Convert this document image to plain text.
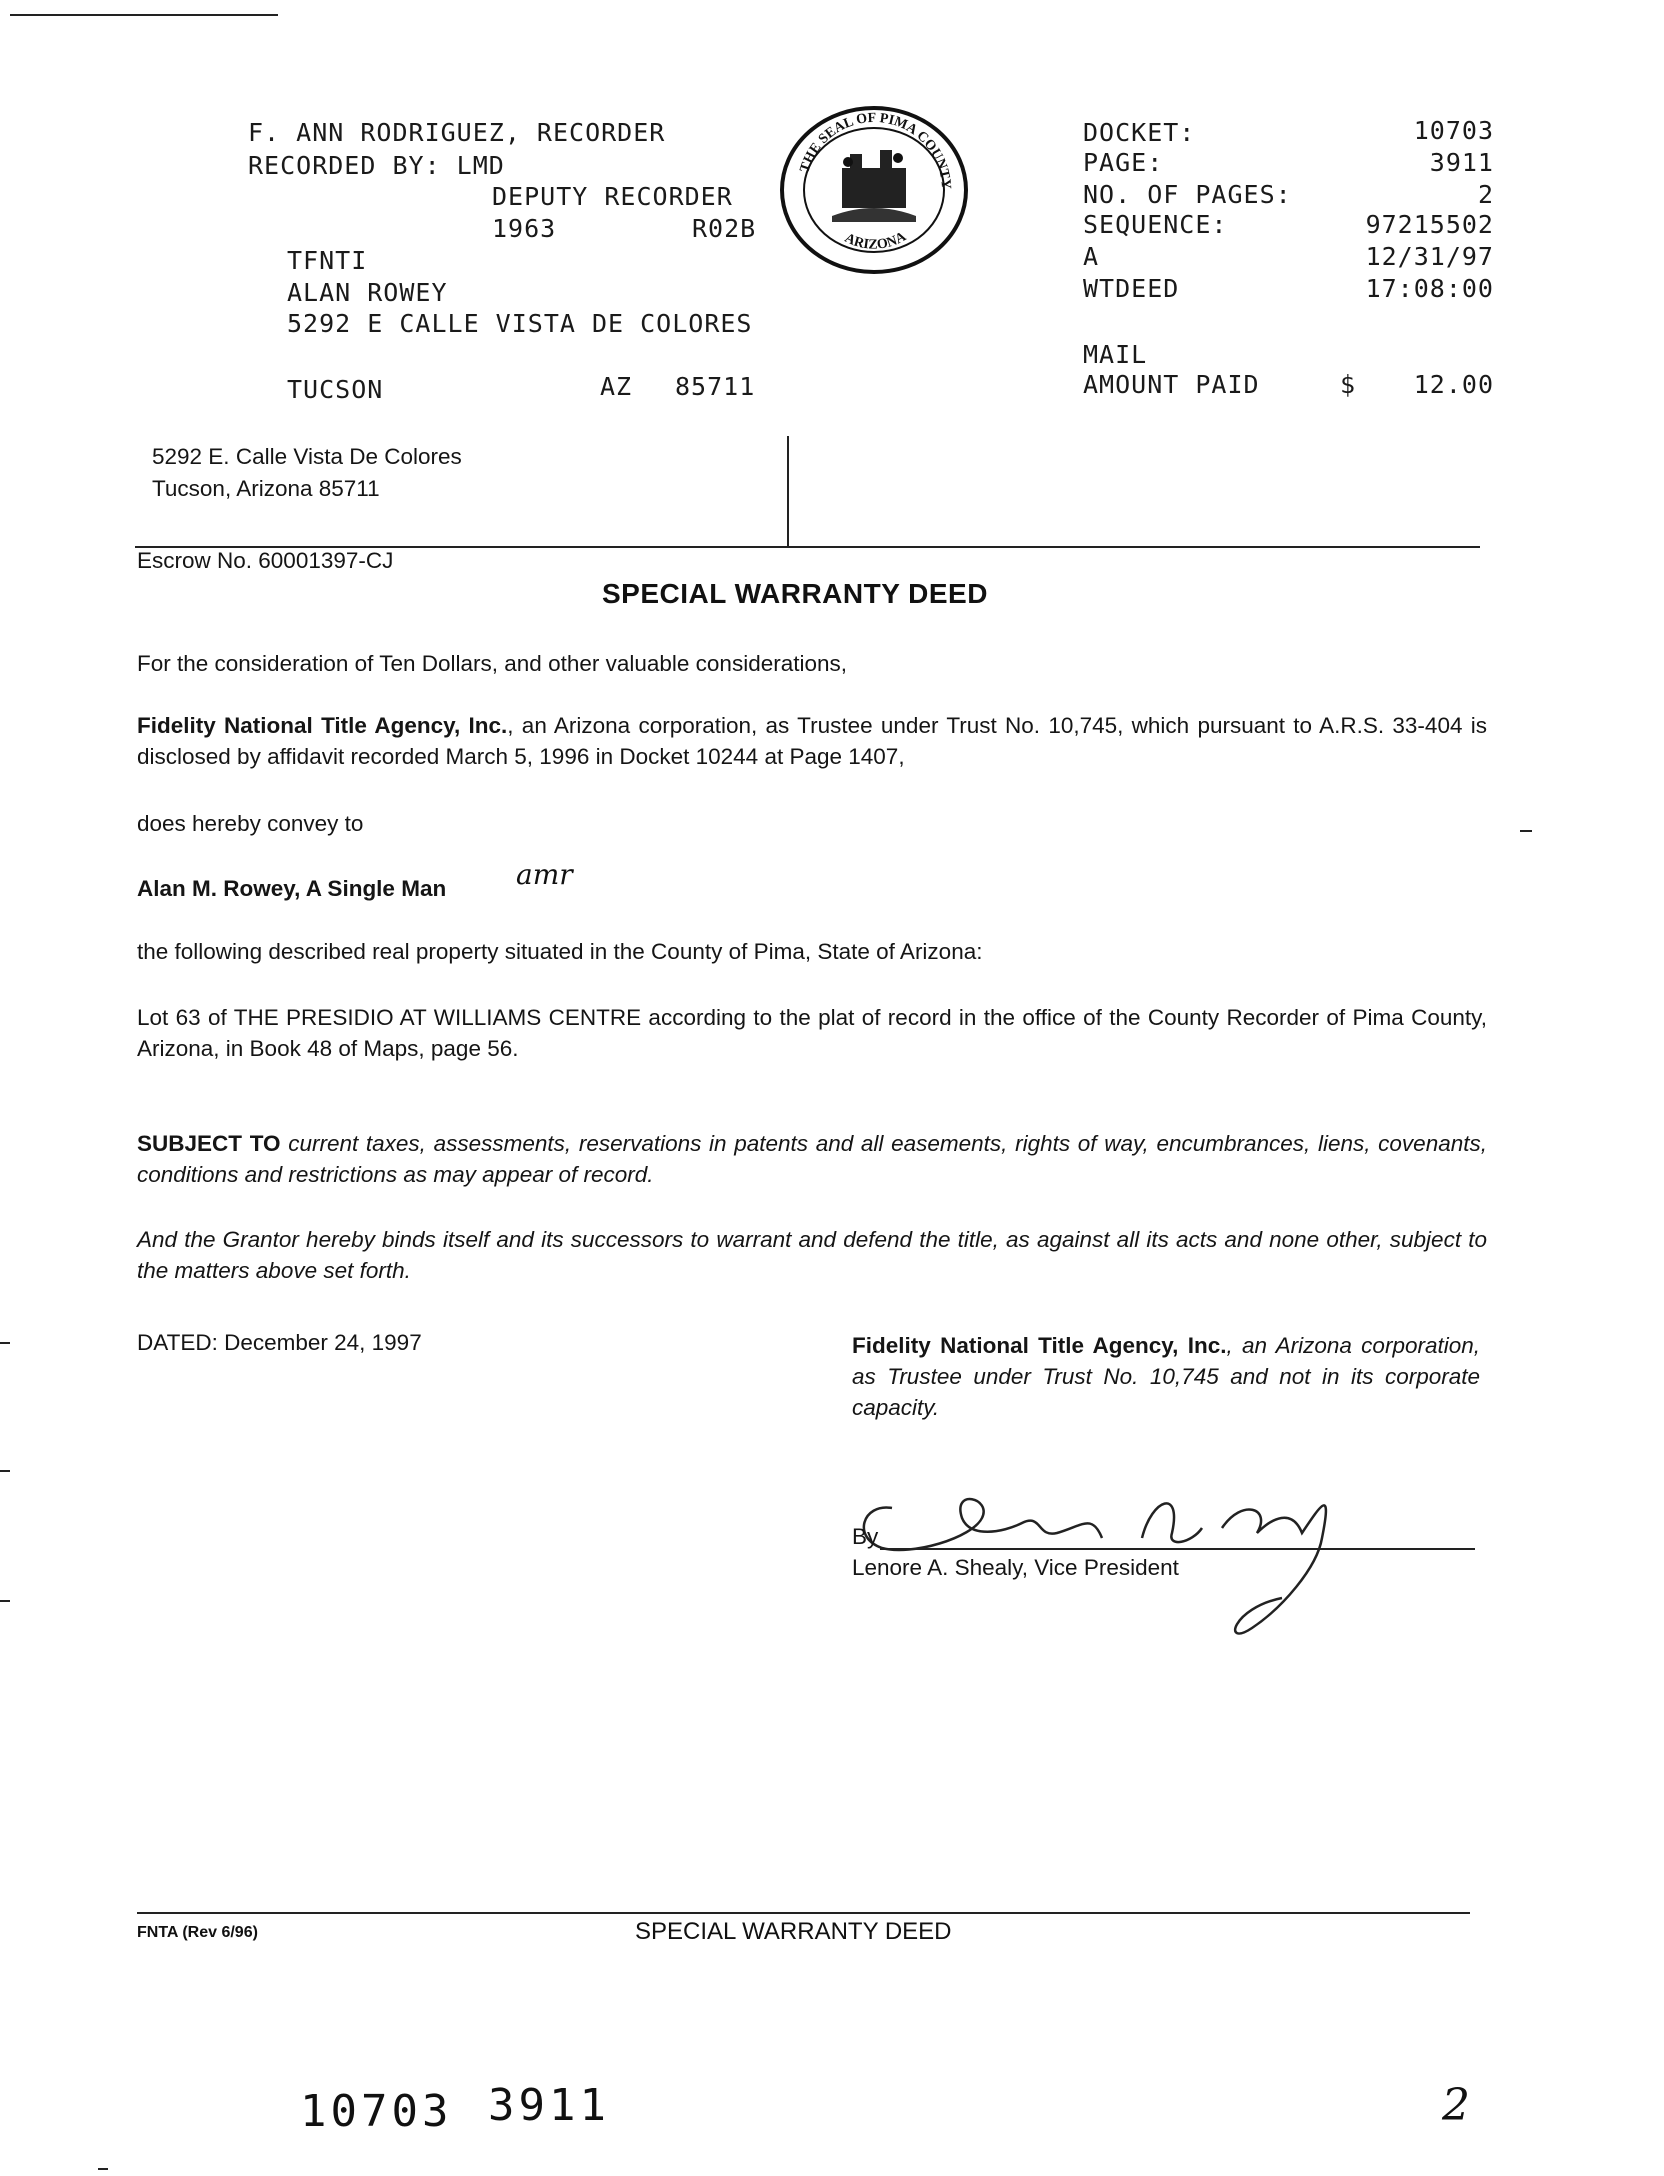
F. ANN RODRIGUEZ, RECORDER
RECORDED BY: LMD
DEPUTY RECORDER
1963	R02B
TFNTI
ALAN ROWEY
5292 E CALLE VISTA DE COLORES
TUCSON	AZ 85711
THE SEAL OF PIMA COUNTY
ARIZONA
DOCKET:	10703
PAGE:	3911
NO. OF PAGES:	2
SEQUENCE:	97215502
A	12/31/97
WTDEED	17:08:00
MAIL
AMOUNT PAID	$ 12.00
5292 E. Calle Vista De Colores
Tucson, Arizona 85711
Escrow No. 60001397-CJ
SPECIAL WARRANTY DEED
For the consideration of Ten Dollars, and other valuable considerations,
Fidelity National Title Agency, Inc., an Arizona corporation, as Trustee under Trust No. 10,745, which pursuant to A.R.S. 33-404 is disclosed by affidavit recorded March 5, 1996 in Docket 10244 at Page 1407,
does hereby convey to
Alan M. Rowey, A Single Man amr
the following described real property situated in the County of Pima, State of Arizona:
Lot 63 of THE PRESIDIO AT WILLIAMS CENTRE according to the plat of record in the office of the County Recorder of Pima County, Arizona, in Book 48 of Maps, page 56.
SUBJECT TO current taxes, assessments, reservations in patents and all easements, rights of way, encumbrances, liens, covenants, conditions and restrictions as may appear of record.
And the Grantor hereby binds itself and its successors to warrant and defend the title, as against all its acts and none other, subject to the matters above set forth.
DATED: December 24, 1997	Fidelity National Title Agency, Inc., an Arizona corporation, as Trustee under Trust No. 10,745 and not in its corporate capacity.
By
Lenore A. Shealy, Vice President
FNTA (Rev 6/96)	SPECIAL WARRANTY DEED
10703 3911	2
